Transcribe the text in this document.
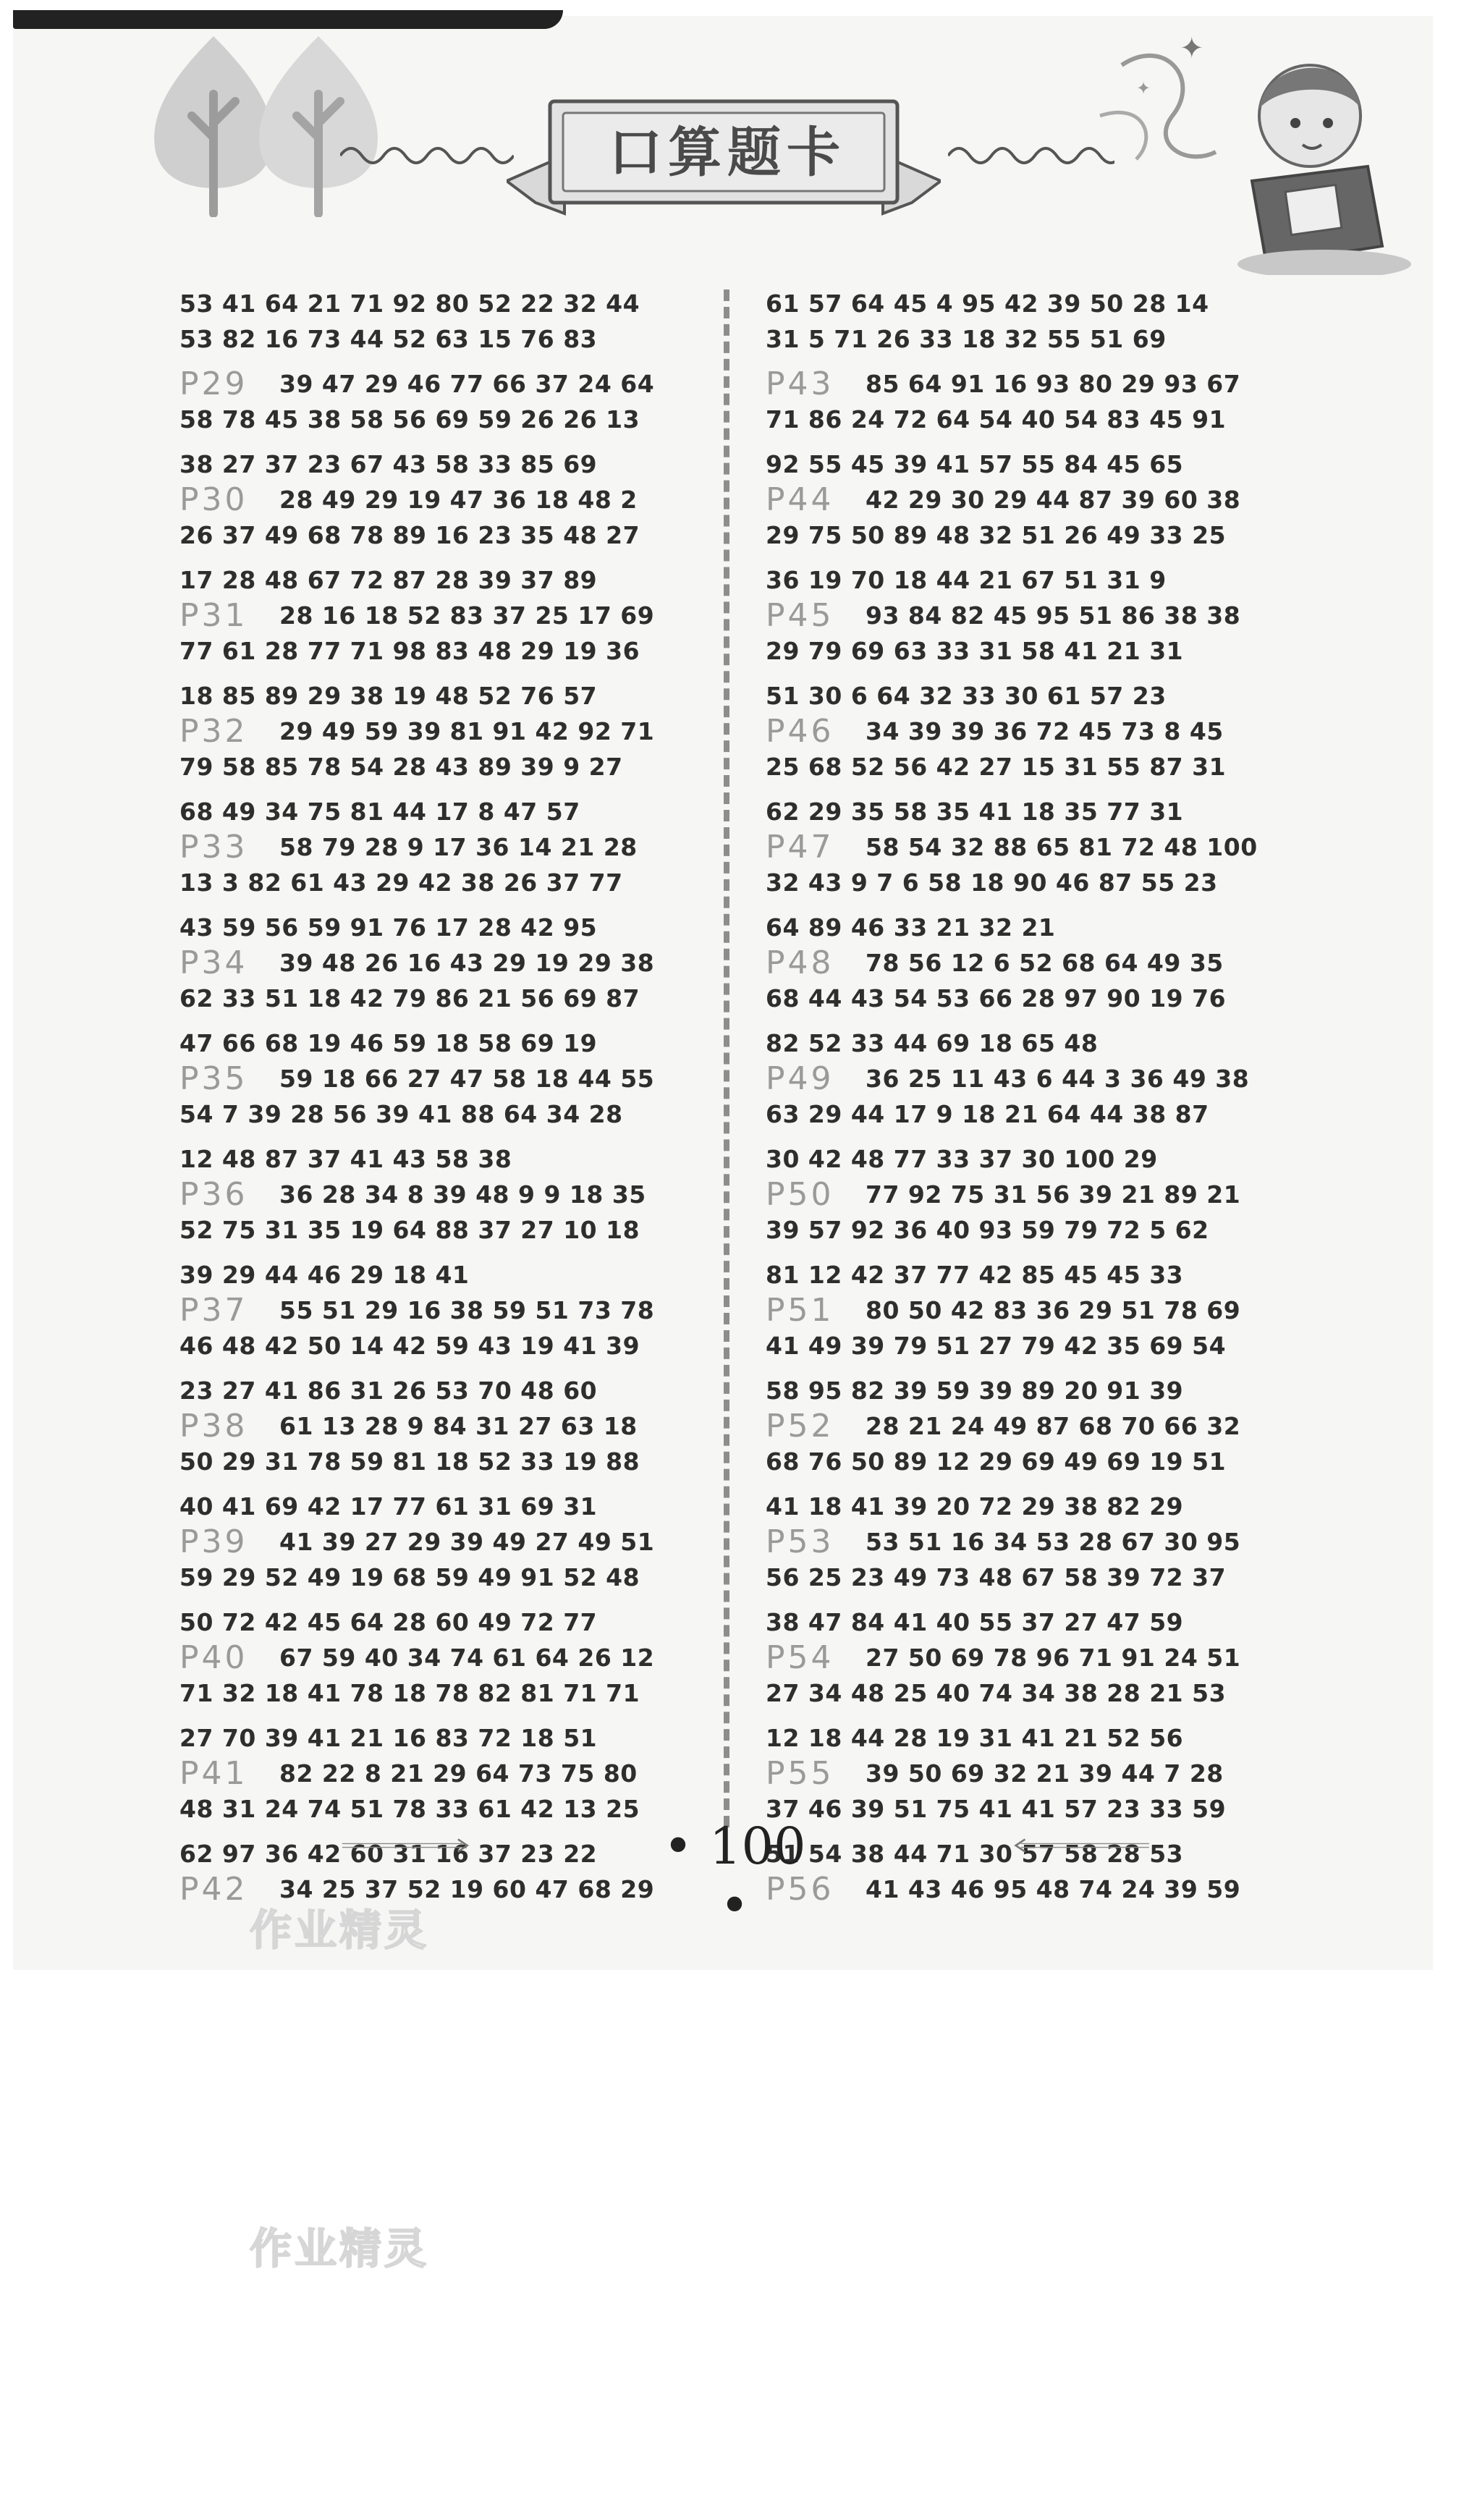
口算题卡
✦
✦
53 41 64 21 71 92 80 52 22 32 44
53 82 16 73 44 52 63 15 76 83
P29 39 47 29 46 77 66 37 24 64
58 78 45 38 58 56 69 59 26 26 13
38 27 37 23 67 43 58 33 85 69
P30 28 49 29 19 47 36 18 48 2
26 37 49 68 78 89 16 23 35 48 27
17 28 48 67 72 87 28 39 37 89
P31 28 16 18 52 83 37 25 17 69
77 61 28 77 71 98 83 48 29 19 36
18 85 89 29 38 19 48 52 76 57
P32 29 49 59 39 81 91 42 92 71
79 58 85 78 54 28 43 89 39 9 27
68 49 34 75 81 44 17 8 47 57
P33 58 79 28 9 17 36 14 21 28
13 3 82 61 43 29 42 38 26 37 77
43 59 56 59 91 76 17 28 42 95
P34 39 48 26 16 43 29 19 29 38
62 33 51 18 42 79 86 21 56 69 87
47 66 68 19 46 59 18 58 69 19
P35 59 18 66 27 47 58 18 44 55
54 7 39 28 56 39 41 88 64 34 28
12 48 87 37 41 43 58 38
P36 36 28 34 8 39 48 9 9 18 35
52 75 31 35 19 64 88 37 27 10 18
39 29 44 46 29 18 41
P37 55 51 29 16 38 59 51 73 78
46 48 42 50 14 42 59 43 19 41 39
23 27 41 86 31 26 53 70 48 60
P38 61 13 28 9 84 31 27 63 18
50 29 31 78 59 81 18 52 33 19 88
40 41 69 42 17 77 61 31 69 31
P39 41 39 27 29 39 49 27 49 51
59 29 52 49 19 68 59 49 91 52 48
50 72 42 45 64 28 60 49 72 77
P40 67 59 40 34 74 61 64 26 12
71 32 18 41 78 18 78 82 81 71 71
27 70 39 41 21 16 83 72 18 51
P41 82 22 8 21 29 64 73 75 80
48 31 24 74 51 78 33 61 42 13 25
62 97 36 42 60 31 16 37 23 22
P42 34 25 37 52 19 60 47 68 29
61 57 64 45 4 95 42 39 50 28 14
31 5 71 26 33 18 32 55 51 69
P43 85 64 91 16 93 80 29 93 67
71 86 24 72 64 54 40 54 83 45 91
92 55 45 39 41 57 55 84 45 65
P44 42 29 30 29 44 87 39 60 38
29 75 50 89 48 32 51 26 49 33 25
36 19 70 18 44 21 67 51 31 9
P45 93 84 82 45 95 51 86 38 38
29 79 69 63 33 31 58 41 21 31
51 30 6 64 32 33 30 61 57 23
P46 34 39 39 36 72 45 73 8 45
25 68 52 56 42 27 15 31 55 87 31
62 29 35 58 35 41 18 35 77 31
P47 58 54 32 88 65 81 72 48 100
32 43 9 7 6 58 18 90 46 87 55 23
64 89 46 33 21 32 21
P48 78 56 12 6 52 68 64 49 35
68 44 43 54 53 66 28 97 90 19 76
82 52 33 44 69 18 65 48
P49 36 25 11 43 6 44 3 36 49 38
63 29 44 17 9 18 21 64 44 38 87
30 42 48 77 33 37 30 100 29
P50 77 92 75 31 56 39 21 89 21
39 57 92 36 40 93 59 79 72 5 62
81 12 42 37 77 42 85 45 45 33
P51 80 50 42 83 36 29 51 78 69
41 49 39 79 51 27 79 42 35 69 54
58 95 82 39 59 39 89 20 91 39
P52 28 21 24 49 87 68 70 66 32
68 76 50 89 12 29 69 49 69 19 51
41 18 41 39 20 72 29 38 82 29
P53 53 51 16 34 53 28 67 30 95
56 25 23 49 73 48 67 58 39 72 37
38 47 84 41 40 55 37 27 47 59
P54 27 50 69 78 96 71 91 24 51
27 34 48 25 40 74 34 38 28 21 53
12 18 44 28 19 31 41 21 52 56
P55 39 50 69 32 21 39 44 7 28
37 46 39 51 75 41 41 57 23 33 59
51 54 38 44 71 30 57 58 28 53
P56 41 43 46 95 48 74 24 39 59
• 100 •
作业精灵
作业精灵
